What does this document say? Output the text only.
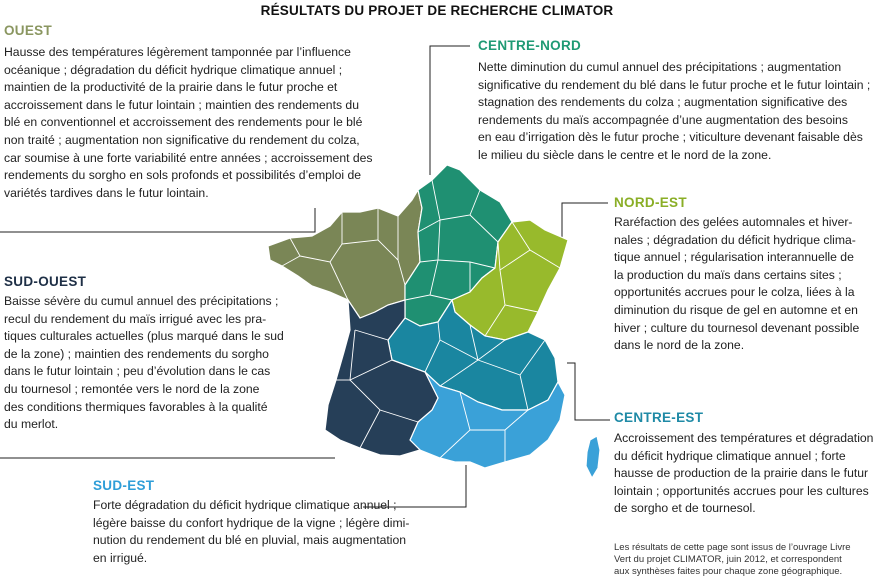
RÉSULTATS DU PROJET DE RECHERCHE CLIMATOR
OUEST
Hausse des températures légèrement tamponnée par l’influence
océanique ; dégradation du déficit hydrique climatique annuel ;
maintien de la productivité de la prairie dans le futur proche et
accroissement dans le futur lointain ; maintien des rendements du
blé en conventionnel et accroissement des rendements pour le blé
non traité ; augmentation non significative du rendement du colza,
car soumise à une forte variabilité entre années ; accroissement des
rendements du sorgho en sols profonds et possibilités d’emploi de
variétés tardives dans le futur lointain.
CENTRE-NORD
Nette diminution du cumul annuel des précipitations ; augmentation
significative du rendement du blé dans le futur proche et le futur lointain ;
stagnation des rendements du colza ; augmentation significative des
rendements du maïs accompagnée d’une augmentation des besoins
en eau d’irrigation dès le futur proche ; viticulture devenant faisable dès
le milieu du siècle dans le centre et le nord de la zone.
NORD-EST
Raréfaction des gelées automnales et hiver-
nales ; dégradation du déficit hydrique clima-
tique annuel ; régularisation interannuelle de
la production du maïs dans certains sites ;
opportunités accrues pour le colza, liées à la
diminution du risque de gel en automne et en
hiver ; culture du tournesol devenant possible
dans le nord de la zone.
SUD-OUEST
Baisse sévère du cumul annuel des précipitations ;
recul du rendement du maïs irrigué avec les pra-
tiques culturales actuelles (plus marqué dans le sud
de la zone) ; maintien des rendements du sorgho
dans le futur lointain ; peu d’évolution dans le cas
du tournesol ; remontée vers le nord de la zone
des conditions thermiques favorables à la qualité
du merlot.	CENTRE-EST
Accroissement des températures et dégradation
du déficit hydrique climatique annuel ; forte
hausse de production de la prairie dans le futur
lointain ; opportunités accrues pour les cultures
de sorgho et de tournesol.
SUD-EST
Forte dégradation du déficit hydrique climatique annuel ;
légère baisse du confort hydrique de la vigne ; légère dimi-
nution du rendement du blé en pluvial, mais augmentation
en irrigué.
Les résultats de cette page sont issus de l’ouvrage Livre
Vert du projet CLIMATOR, juin 2012, et correspondent
aux synthèses faites pour chaque zone géographique.
